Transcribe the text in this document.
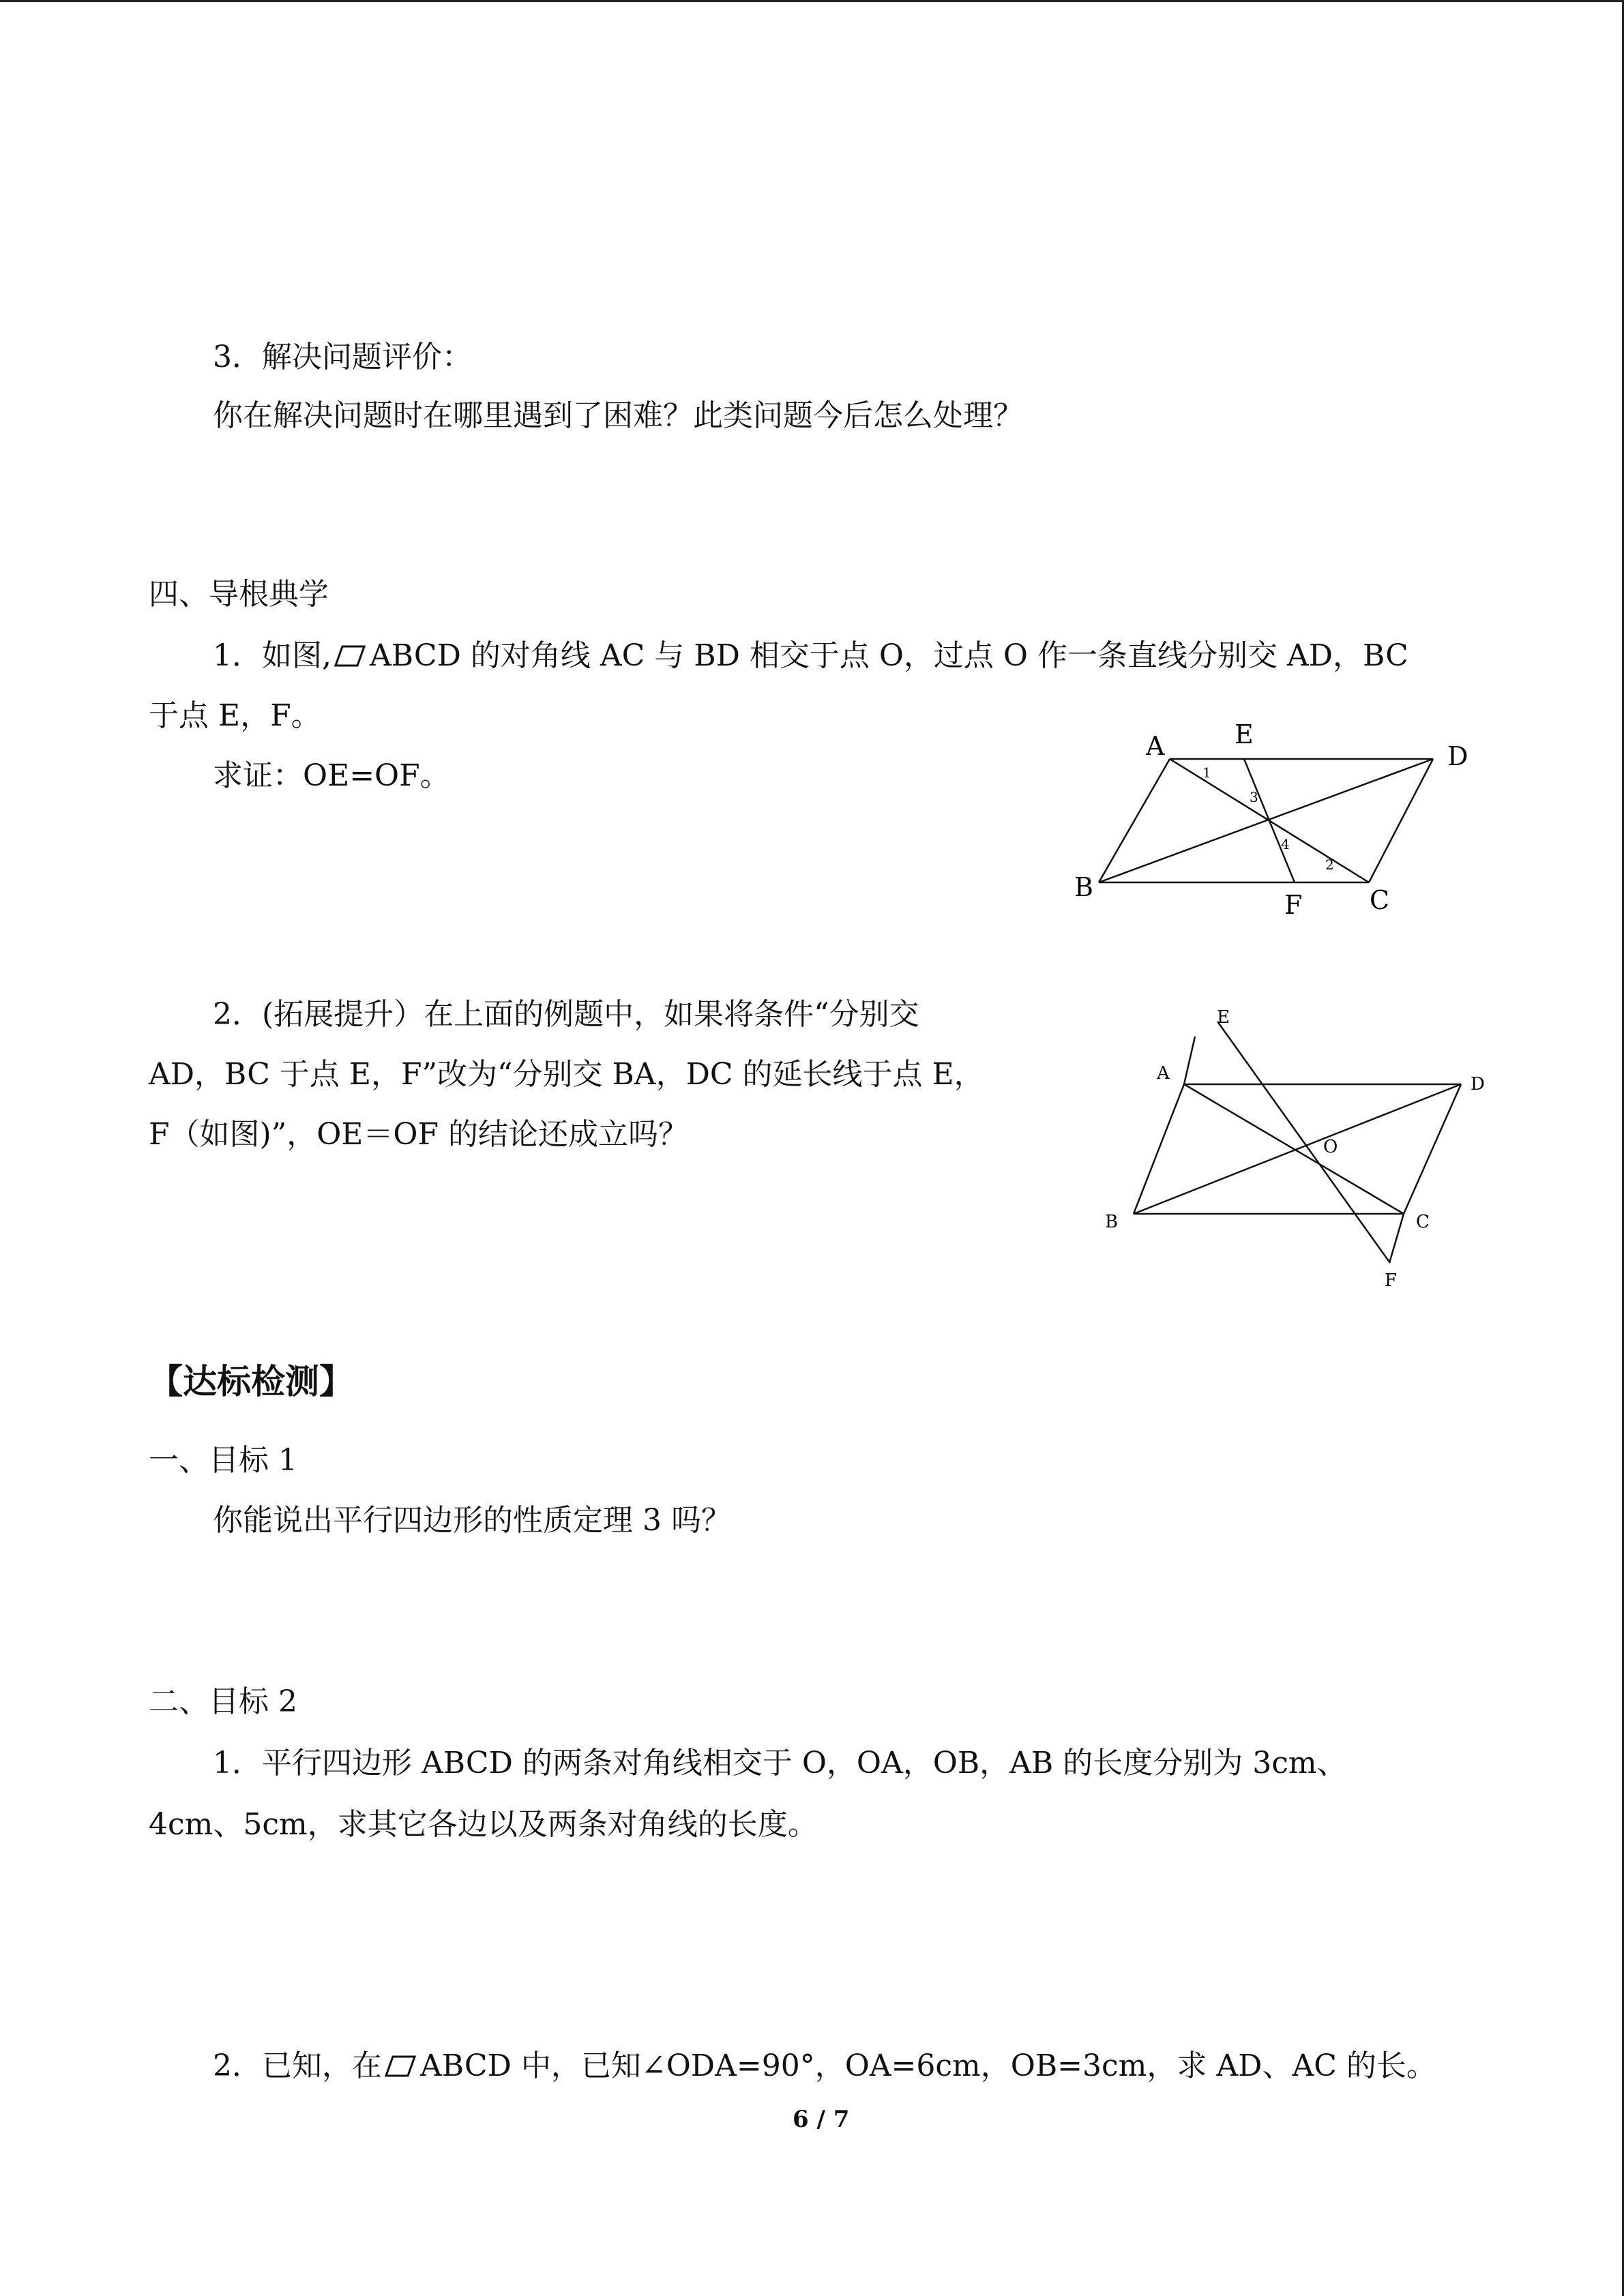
3．解决问题评价：
你在解决问题时在哪里遇到了困难？此类问题今后怎么处理？
四、导根典学
1．如图, ABCD 的对角线 AC 与 BD 相交于点 O，过点 O 作一条直线分别交 AD，BC
于点 E，F。
求证：OE=OF。
A	E
D
B
F	C
1
3
4
2
2．(拓展提升）在上面的例题中，如果将条件“分别交
AD，BC 于点 E，F”改为“分别交 BA，DC 的延长线于点 E，
F（如图)”，OE＝OF 的结论还成立吗？
E
A
D
O
B	C
F
【达标检测】
一、目标 1
你能说出平行四边形的性质定理 3 吗？
二、目标 2
1．平行四边形 ABCD 的两条对角线相交于 O，OA，OB，AB 的长度分别为 3cm、
4cm、5cm，求其它各边以及两条对角线的长度。
2．已知，在 ABCD 中，已知∠ODA=90°，OA=6cm，OB=3cm，求 AD、AC 的长。
6 / 7
